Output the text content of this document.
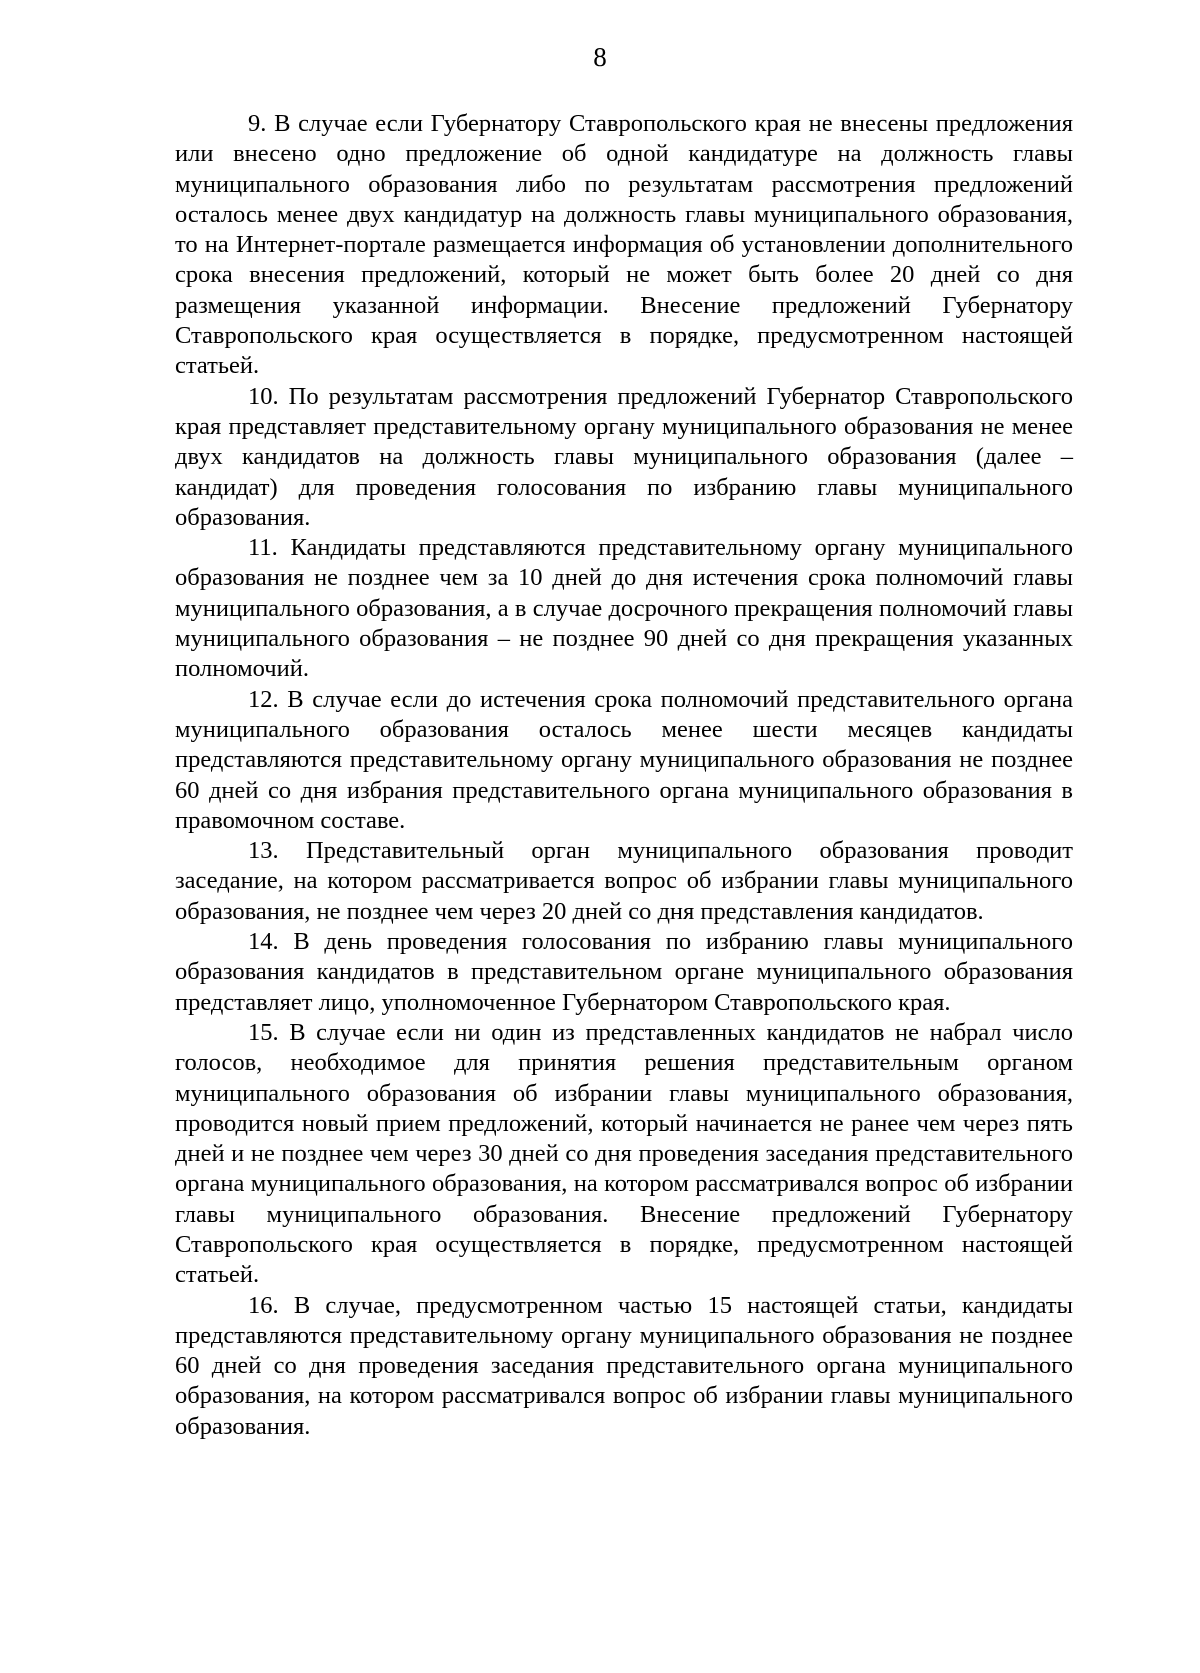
8

9. В случае если Губернатору Ставропольского края не внесены предложения или внесено одно предложение об одной кандидатуре на должность главы муниципального образования либо по результатам рассмотрения предложений осталось менее двух кандидатур на должность главы муниципального образования, то на Интернет-портале размещается информация об установлении дополнительного срока внесения предложений, который не может быть более 20 дней со дня размещения указанной информации. Внесение предложений Губернатору Ставропольского края осуществляется в порядке, предусмотренном настоящей статьей.

10. По результатам рассмотрения предложений Губернатор Ставропольского края представляет представительному органу муниципального образования не менее двух кандидатов на должность главы муниципального образования (далее – кандидат) для проведения голосования по избранию главы муниципального образования.

11. Кандидаты представляются представительному органу муниципального образования не позднее чем за 10 дней до дня истечения срока полномочий главы муниципального образования, а в случае досрочного прекращения полномочий главы муниципального образования – не позднее 90 дней со дня прекращения указанных полномочий.

12. В случае если до истечения срока полномочий представительного органа муниципального образования осталось менее шести месяцев кандидаты представляются представительному органу муниципального образования не позднее 60 дней со дня избрания представительного органа муниципального образования в правомочном составе.

13. Представительный орган муниципального образования проводит заседание, на котором рассматривается вопрос об избрании главы муниципального образования, не позднее чем через 20 дней со дня представления кандидатов.

14. В день проведения голосования по избранию главы муниципального образования кандидатов в представительном органе муниципального образования представляет лицо, уполномоченное Губернатором Ставропольского края.

15. В случае если ни один из представленных кандидатов не набрал число голосов, необходимое для принятия решения представительным органом муниципального образования об избрании главы муниципального образования, проводится новый прием предложений, который начинается не ранее чем через пять дней и не позднее чем через 30 дней со дня проведения заседания представительного органа муниципального образования, на котором рассматривался вопрос об избрании главы муниципального образования. Внесение предложений Губернатору Ставропольского края осуществляется в порядке, предусмотренном настоящей статьей.

16. В случае, предусмотренном частью 15 настоящей статьи, кандидаты представляются представительному органу муниципального образования не позднее 60 дней со дня проведения заседания представительного органа муниципального образования, на котором рассматривался вопрос об избрании главы муниципального образования.
